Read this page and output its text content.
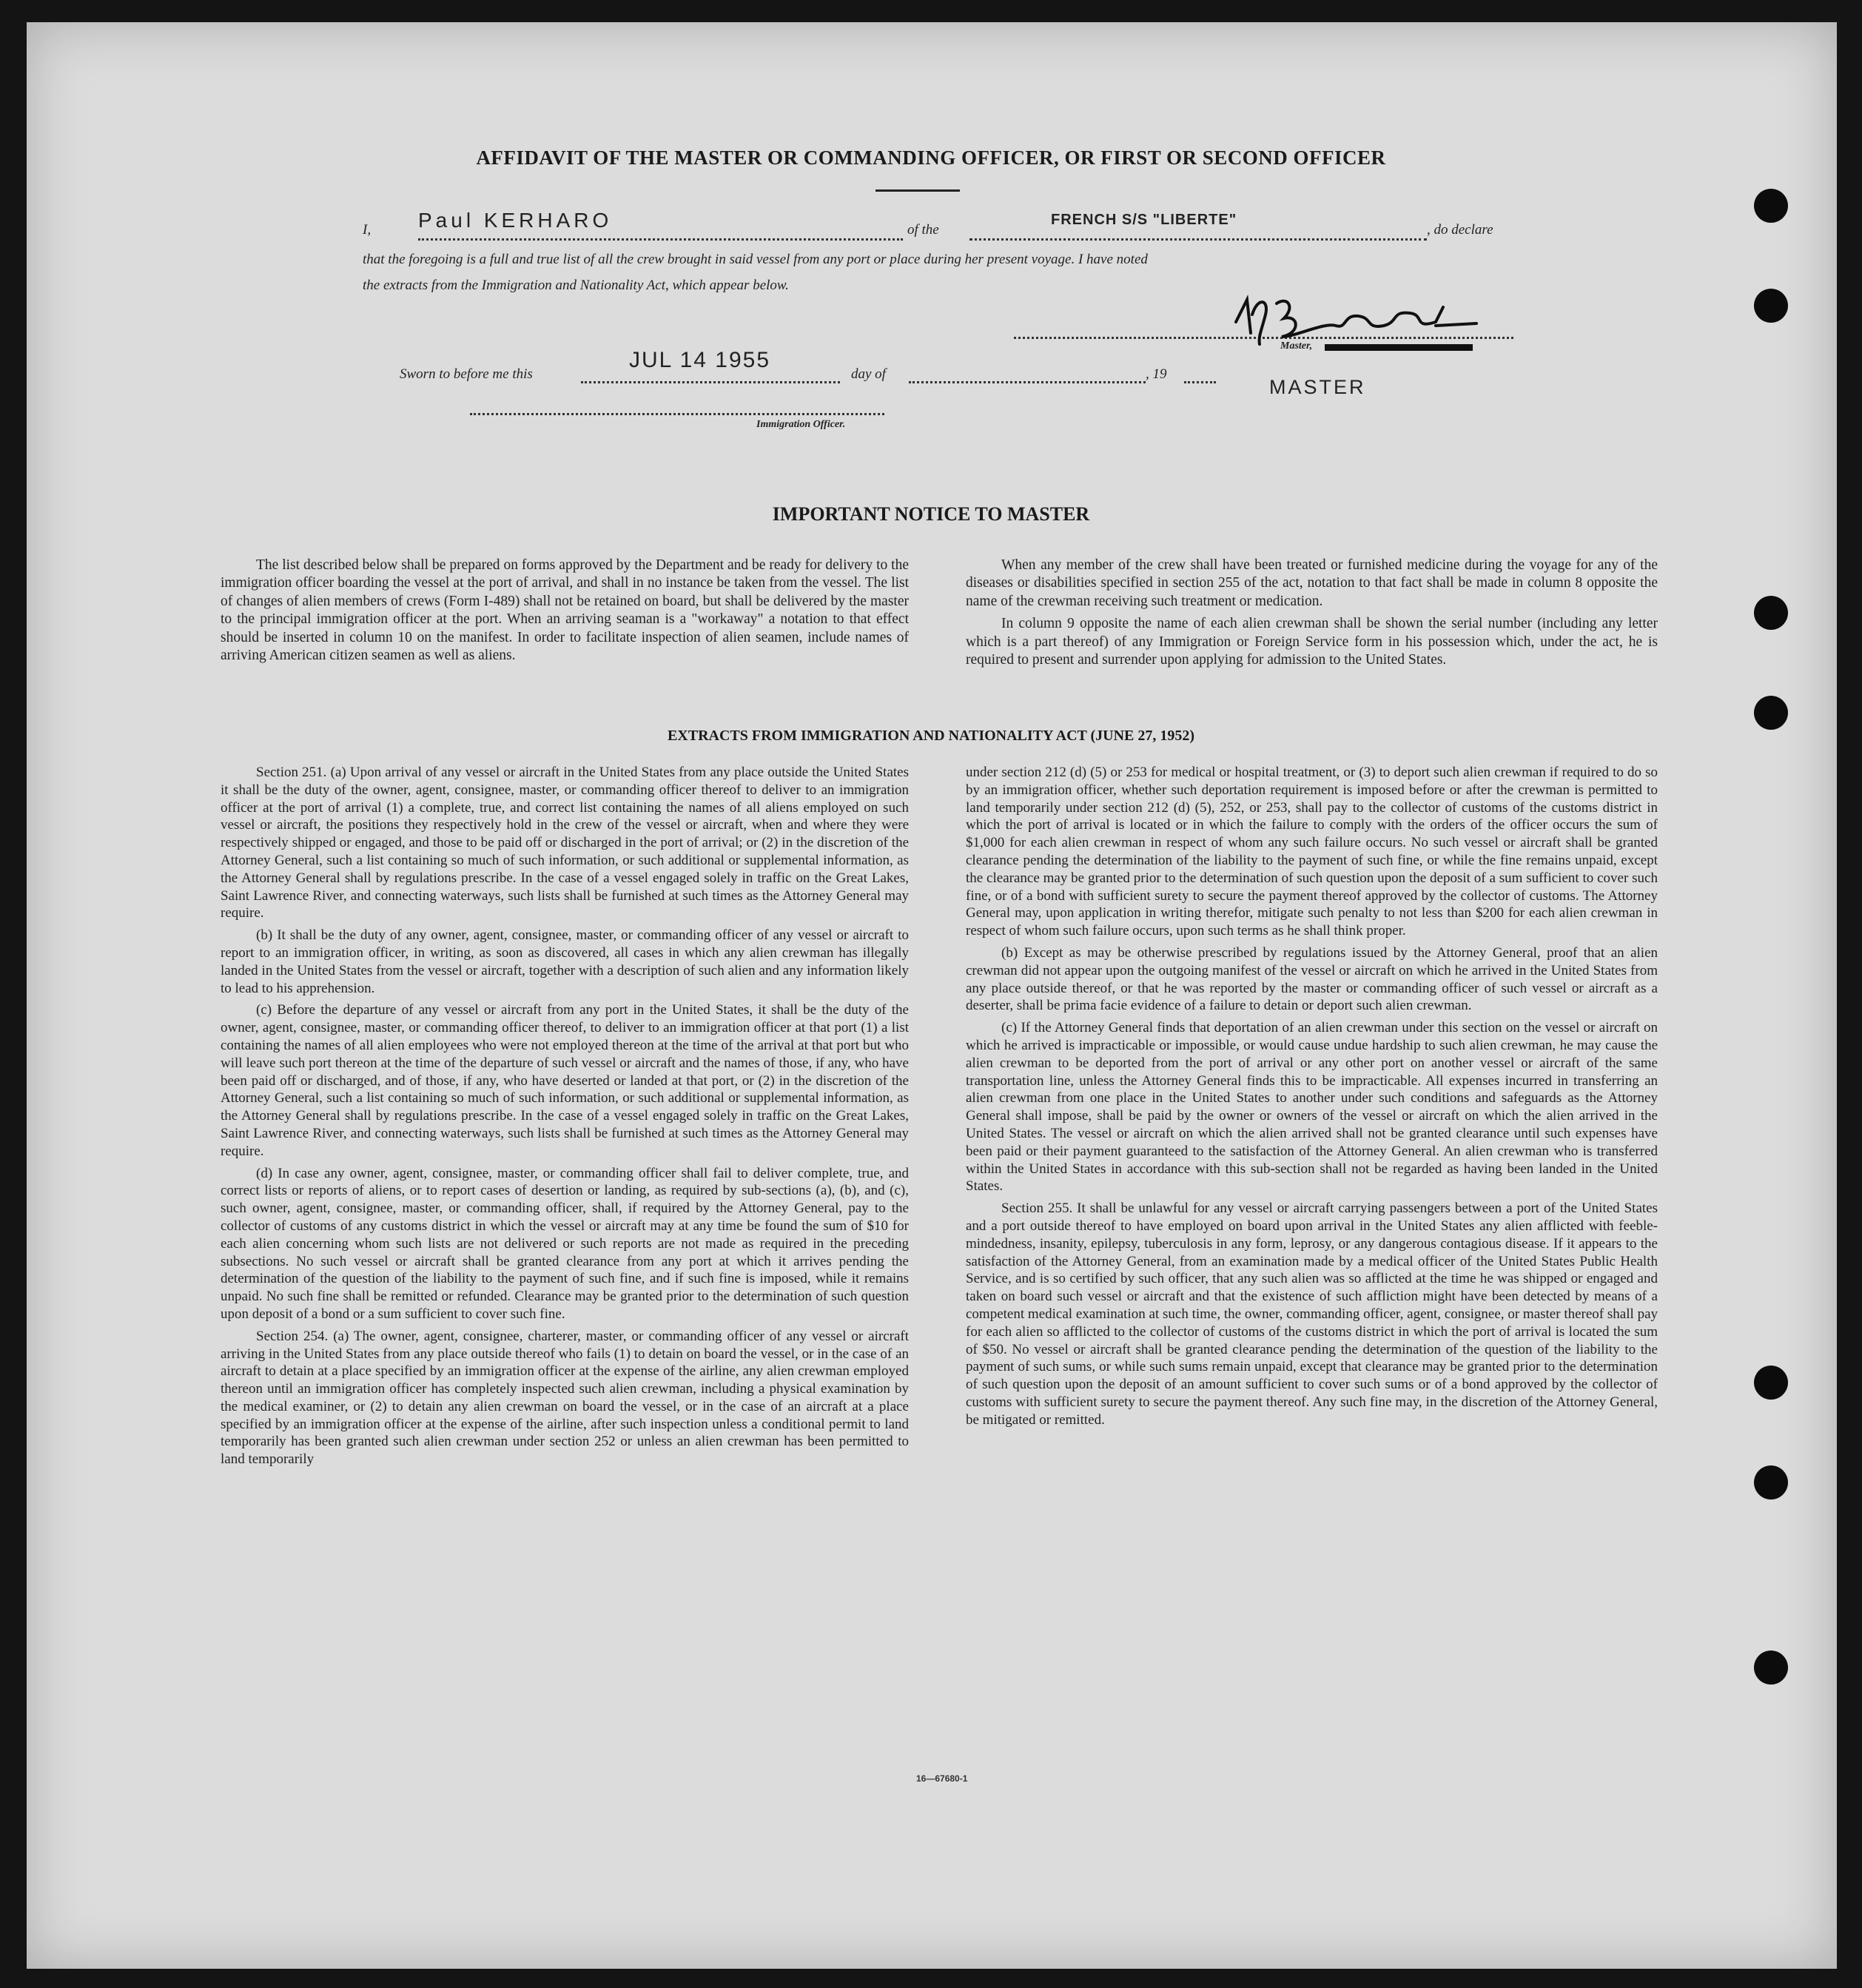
AFFIDAVIT OF THE MASTER OR COMMANDING OFFICER, OR FIRST OR SECOND OFFICER
I, Paul KERHARO	of the
FRENCH S/S "LIBERTE"
, do declare
that the foregoing is a full and true list of all the crew brought in said vessel from any port or place during her present voyage. I have noted
the extracts from the Immigration and Nationality Act, which appear below.
Master,
Sworn to before me this
JUL 14 1955
day of	, 19
MASTER
Immigration Officer.
IMPORTANT NOTICE TO MASTER

The list described below shall be prepared on forms approved by the Department and be ready for delivery to the immigration officer boarding the vessel at the port of arrival, and shall in no instance be taken from the vessel. The list of changes of alien members of crews (Form I-489) shall not be retained on board, but shall be delivered by the master to the principal immigration officer at the port. When an arriving seaman is a "workaway" a notation to that effect should be inserted in column 10 on the manifest. In order to facilitate inspection of alien seamen, include names of arriving American citizen seamen as well as aliens.

When any member of the crew shall have been treated or furnished medicine during the voyage for any of the diseases or disabilities specified in section 255 of the act, notation to that fact shall be made in column 8 opposite the name of the crewman receiving such treatment or medication.

In column 9 opposite the name of each alien crewman shall be shown the serial number (including any letter which is a part thereof) of any Immigration or Foreign Service form in his possession which, under the act, he is required to present and surrender upon applying for admission to the United States.

EXTRACTS FROM IMMIGRATION AND NATIONALITY ACT (JUNE 27, 1952)

Section 251. (a) Upon arrival of any vessel or aircraft in the United States from any place outside the United States it shall be the duty of the owner, agent, consignee, master, or commanding officer thereof to deliver to an immigration officer at the port of arrival (1) a complete, true, and correct list containing the names of all aliens employed on such vessel or aircraft, the positions they respectively hold in the crew of the vessel or aircraft, when and where they were respectively shipped or engaged, and those to be paid off or discharged in the port of arrival; or (2) in the discretion of the Attorney General, such a list containing so much of such information, or such additional or supplemental information, as the Attorney General shall by regulations prescribe. In the case of a vessel engaged solely in traffic on the Great Lakes, Saint Lawrence River, and connecting waterways, such lists shall be furnished at such times as the Attorney General may require.

(b) It shall be the duty of any owner, agent, consignee, master, or commanding officer of any vessel or aircraft to report to an immigration officer, in writing, as soon as discovered, all cases in which any alien crewman has illegally landed in the United States from the vessel or aircraft, together with a description of such alien and any information likely to lead to his apprehension.

(c) Before the departure of any vessel or aircraft from any port in the United States, it shall be the duty of the owner, agent, consignee, master, or commanding officer thereof, to deliver to an immigration officer at that port (1) a list containing the names of all alien employees who were not employed thereon at the time of the arrival at that port but who will leave such port thereon at the time of the departure of such vessel or aircraft and the names of those, if any, who have been paid off or discharged, and of those, if any, who have deserted or landed at that port, or (2) in the discretion of the Attorney General, such a list containing so much of such information, or such additional or supplemental information, as the Attorney General shall by regulations prescribe. In the case of a vessel engaged solely in traffic on the Great Lakes, Saint Lawrence River, and connecting waterways, such lists shall be furnished at such times as the Attorney General may require.

(d) In case any owner, agent, consignee, master, or commanding officer shall fail to deliver complete, true, and correct lists or reports of aliens, or to report cases of desertion or landing, as required by sub-sections (a), (b), and (c), such owner, agent, consignee, master, or commanding officer, shall, if required by the Attorney General, pay to the collector of customs of any customs district in which the vessel or aircraft may at any time be found the sum of $10 for each alien concerning whom such lists are not delivered or such reports are not made as required in the preceding subsections. No such vessel or aircraft shall be granted clearance from any port at which it arrives pending the determination of the question of the liability to the payment of such fine, and if such fine is imposed, while it remains unpaid. No such fine shall be remitted or refunded. Clearance may be granted prior to the determination of such question upon deposit of a bond or a sum sufficient to cover such fine.

Section 254. (a) The owner, agent, consignee, charterer, master, or commanding officer of any vessel or aircraft arriving in the United States from any place outside thereof who fails (1) to detain on board the vessel, or in the case of an aircraft to detain at a place specified by an immigration officer at the expense of the airline, any alien crewman employed thereon until an immigration officer has completely inspected such alien crewman, including a physical examination by the medical examiner, or (2) to detain any alien crewman on board the vessel, or in the case of an aircraft at a place specified by an immigration officer at the expense of the airline, after such inspection unless a conditional permit to land temporarily has been granted such alien crewman under section 252 or unless an alien crewman has been permitted to land temporarily

under section 212 (d) (5) or 253 for medical or hospital treatment, or (3) to deport such alien crewman if required to do so by an immigration officer, whether such deportation requirement is imposed before or after the crewman is permitted to land temporarily under section 212 (d) (5), 252, or 253, shall pay to the collector of customs of the customs district in which the port of arrival is located or in which the failure to comply with the orders of the officer occurs the sum of $1,000 for each alien crewman in respect of whom any such failure occurs. No such vessel or aircraft shall be granted clearance pending the determination of the liability to the payment of such fine, or while the fine remains unpaid, except the clearance may be granted prior to the determination of such question upon the deposit of a sum sufficient to cover such fine, or of a bond with sufficient surety to secure the payment thereof approved by the collector of customs. The Attorney General may, upon application in writing therefor, mitigate such penalty to not less than $200 for each alien crewman in respect of whom such failure occurs, upon such terms as he shall think proper.

(b) Except as may be otherwise prescribed by regulations issued by the Attorney General, proof that an alien crewman did not appear upon the outgoing manifest of the vessel or aircraft on which he arrived in the United States from any place outside thereof, or that he was reported by the master or commanding officer of such vessel or aircraft as a deserter, shall be prima facie evidence of a failure to detain or deport such alien crewman.

(c) If the Attorney General finds that deportation of an alien crewman under this section on the vessel or aircraft on which he arrived is impracticable or impossible, or would cause undue hardship to such alien crewman, he may cause the alien crewman to be deported from the port of arrival or any other port on another vessel or aircraft of the same transportation line, unless the Attorney General finds this to be impracticable. All expenses incurred in transferring an alien crewman from one place in the United States to another under such conditions and safeguards as the Attorney General shall impose, shall be paid by the owner or owners of the vessel or aircraft on which the alien arrived in the United States. The vessel or aircraft on which the alien arrived shall not be granted clearance until such expenses have been paid or their payment guaranteed to the satisfaction of the Attorney General. An alien crewman who is transferred within the United States in accordance with this sub-section shall not be regarded as having been landed in the United States.

Section 255. It shall be unlawful for any vessel or aircraft carrying passengers between a port of the United States and a port outside thereof to have employed on board upon arrival in the United States any alien afflicted with feeble-mindedness, insanity, epilepsy, tuberculosis in any form, leprosy, or any dangerous contagious disease. If it appears to the satisfaction of the Attorney General, from an examination made by a medical officer of the United States Public Health Service, and is so certified by such officer, that any such alien was so afflicted at the time he was shipped or engaged and taken on board such vessel or aircraft and that the existence of such affliction might have been detected by means of a competent medical examination at such time, the owner, commanding officer, agent, consignee, or master thereof shall pay for each alien so afflicted to the collector of customs of the customs district in which the port of arrival is located the sum of $50. No vessel or aircraft shall be granted clearance pending the determination of the question of the liability to the payment of such sums, or while such sums remain unpaid, except that clearance may be granted prior to the determination of such question upon the deposit of an amount sufficient to cover such sums or of a bond approved by the collector of customs with sufficient surety to secure the payment thereof. Any such fine may, in the discretion of the Attorney General, be mitigated or remitted.

16—67680-1
